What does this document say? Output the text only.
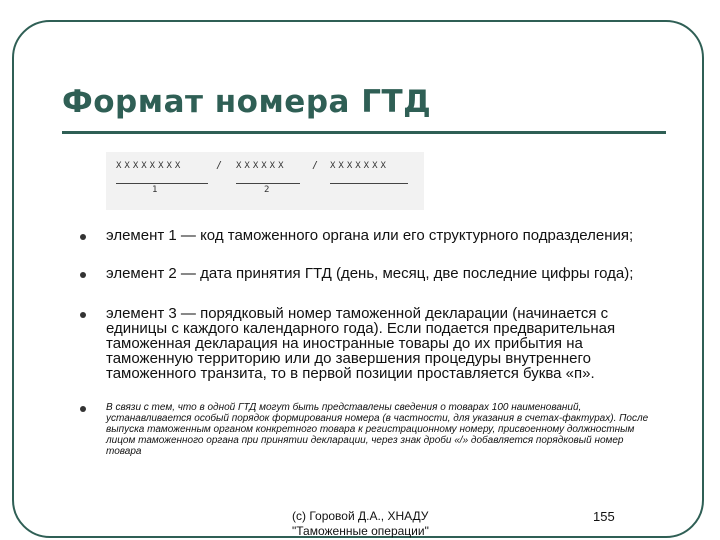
Формат номера ГТД
ХХХХХХХХ	/ ХХХХХХ	/ ХХХХХХХ
1	2

элемент 1 — код таможенного органа или его структурного подразделения;

элемент 2 — дата принятия ГТД (день, месяц, две последние цифры года);

элемент 3 — порядковый номер таможенной декларации (начинается с единицы с каждого календарного года). Если подается предварительная таможенная декларация на иностранные товары до их прибытия на таможенную территорию или до завершения процедуры внутреннего таможенного транзита, то в первой позиции проставляется буква «п».

В связи с тем, что в одной ГТД могут быть представлены сведения о товарах 100 наименований, устанавливается особый порядок формирования номера (в частности, для указания в счетах-фактурах). После выпуска таможенным органом конкретного товара к регистрационному номеру, присвоенному должностным лицом таможенного органа при принятии декларации, через знак дроби «/» добавляется порядковый номер товара

(c) Горовой Д.А., ХНАДУ
"Таможенные операции"
155
